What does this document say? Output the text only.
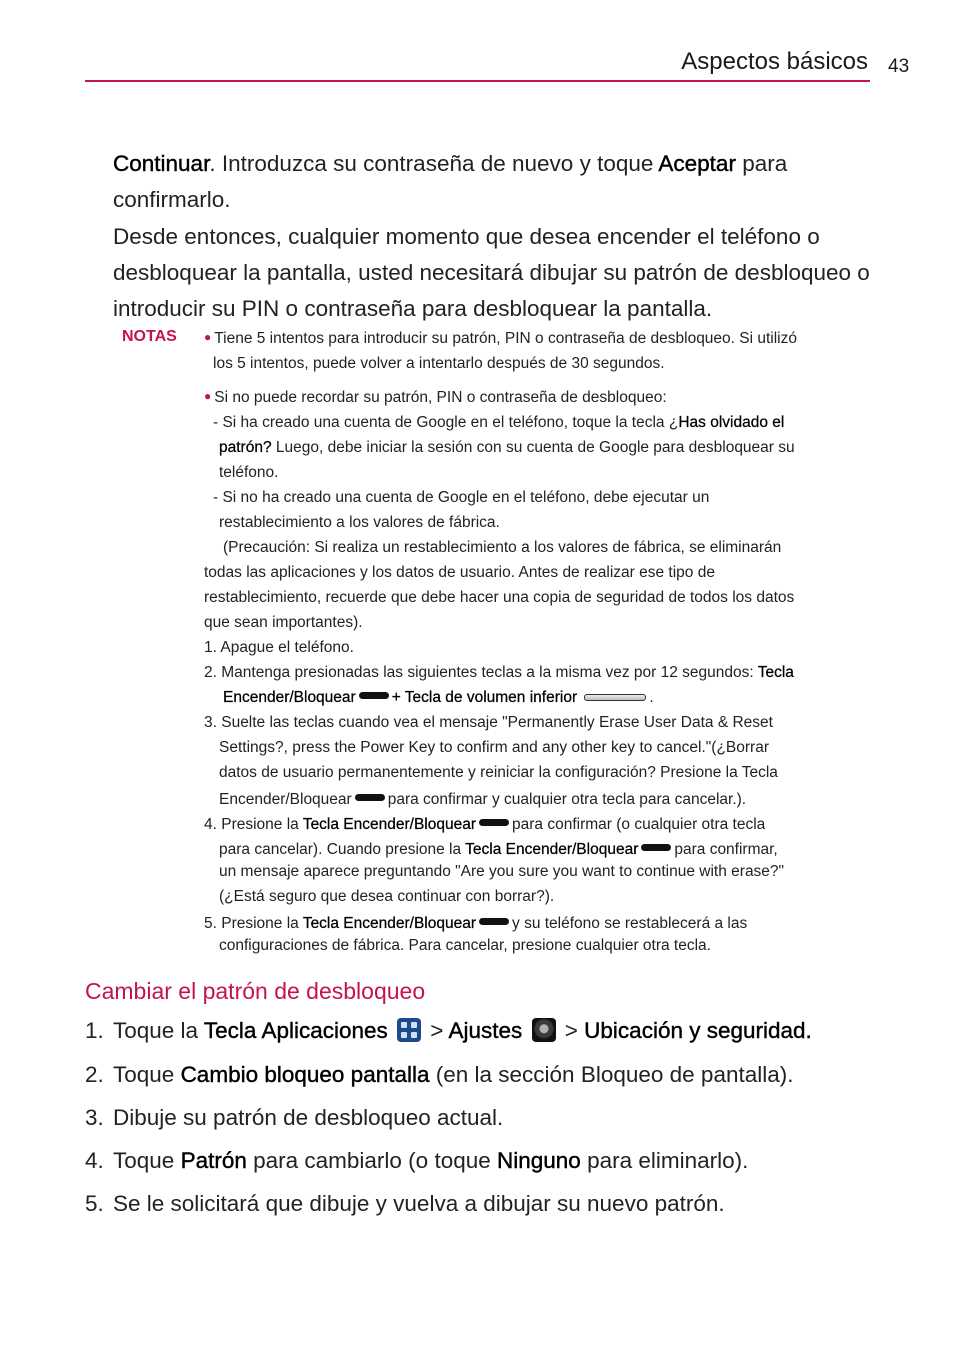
Aspectos básicos 43
Continuar. Introduzca su contraseña de nuevo y toque Aceptar para confirmarlo.
Desde entonces, cualquier momento que desea encender el teléfono o desbloquear la pantalla, usted necesitará dibujar su patrón de desbloqueo o introducir su PIN o contraseña para desbloquear la pantalla.
NOTAS ● Tiene 5 intentos para introducir su patrón, PIN o contraseña de desbloqueo. Si utilizó
los 5 intentos, puede volver a intentarlo después de 30 segundos.
● Si no puede recordar su patrón, PIN o contraseña de desbloqueo:
- Si ha creado una cuenta de Google en el teléfono, toque la tecla ¿Has olvidado el
patrón? Luego, debe iniciar la sesión con su cuenta de Google para desbloquear su
teléfono.
- Si no ha creado una cuenta de Google en el teléfono, debe ejecutar un
restablecimiento a los valores de fábrica.
(Precaución: Si realiza un restablecimiento a los valores de fábrica, se eliminarán
todas las aplicaciones y los datos de usuario. Antes de realizar ese tipo de
restablecimiento, recuerde que debe hacer una copia de seguridad de todos los datos
que sean importantes).
1. Apague el teléfono.
2. Mantenga presionadas las siguientes teclas a la misma vez por 12 segundos: Tecla
Encender/Bloquear + Tecla de volumen inferior	.
3. Suelte las teclas cuando vea el mensaje "Permanently Erase User Data & Reset
Settings?, press the Power Key to confirm and any other key to cancel."(¿Borrar
datos de usuario permanentemente y reiniciar la configuración? Presione la Tecla
Encender/Bloquear para confirmar y cualquier otra tecla para cancelar.).
4. Presione la Tecla Encender/Bloquear para confirmar (o cualquier otra tecla
para cancelar). Cuando presione la Tecla Encender/Bloquear para confirmar,
un mensaje aparece preguntando "Are you sure you want to continue with erase?"
(¿Está seguro que desea continuar con borrar?).
5. Presione la Tecla Encender/Bloquear y su teléfono se restablecerá a las
configuraciones de fábrica. Para cancelar, presione cualquier otra tecla.
Cambiar el patrón de desbloqueo
1. Toque la Tecla Aplicaciones
> Ajustes  > Ubicación y seguridad.
2. Toque Cambio bloqueo pantalla (en la sección Bloqueo de pantalla).
3. Dibuje su patrón de desbloqueo actual.
4. Toque Patrón para cambiarlo (o toque Ninguno para eliminarlo).
5. Se le solicitará que dibuje y vuelva a dibujar su nuevo patrón.
